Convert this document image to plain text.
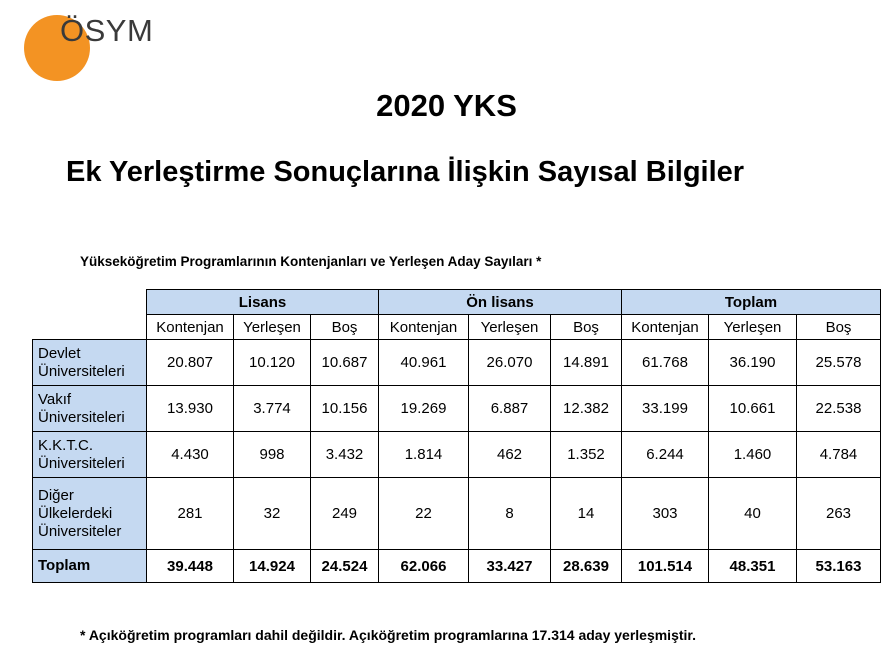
ÖSYM
2020 YKS
Ek Yerleştirme Sonuçlarına İlişkin Sayısal Bilgiler
Yükseköğretim Programlarının Kontenjanları ve Yerleşen Aday Sayıları *
	Lisans			Ön lisans			Toplam		
	Kontenjan	Yerleşen	Boş	Kontenjan	Yerleşen	Boş	Kontenjan	Yerleşen	Boş

Devlet
Üniversiteleri	20.807	10.120	10.687	40.961	26.070	14.891	61.768	36.190	25.578

Vakıf
Üniversiteleri	13.930	3.774	10.156	19.269	6.887	12.382	33.199	10.661	22.538

K.K.T.C.
Üniversiteleri	4.430	998	3.432	1.814	462	1.352	6.244	1.460	4.784

Diğer
Ülkelerdeki
Üniversiteler	281	32	249	22	8	14	303	40	263
Toplam	39.448	14.924	24.524	62.066	33.427	28.639	101.514	48.351	53.163
* Açıköğretim programları dahil değildir. Açıköğretim programlarına 17.314 aday yerleşmiştir.
